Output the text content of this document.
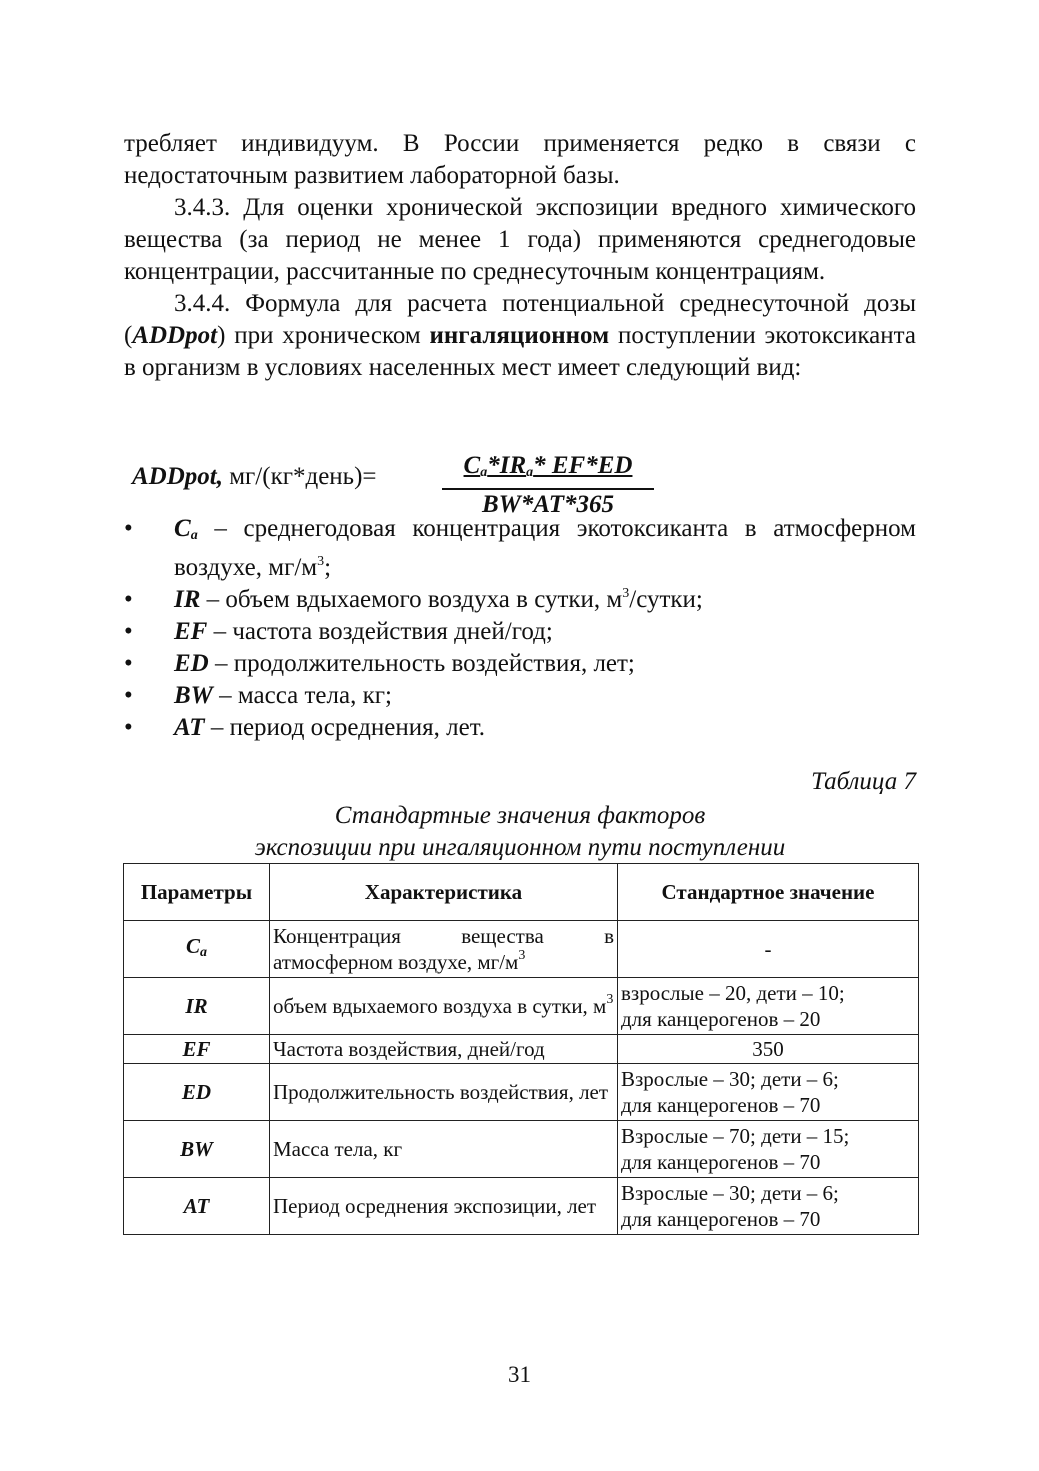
требляет индивидуум. В России применяется редко в связи с недостаточным развитием лабораторной базы.

3.4.3. Для оценки хронической экспозиции вредного химического вещества (за период не менее 1 года) применяются среднегодовые концентрации, рассчитанные по среднесуточным концентрациям.

3.4.4. Формула для расчета потенциальной среднесуточной дозы (ADDpot) при хроническом ингаляционном поступлении экотоксиканта в организм в условиях населенных мест имеет следующий вид:

ADDpot, мг/(кг*день)=	$C_a*IR_a*$ EF*ED
BW*AT*365
• $C_a$ – среднегодовая концентрация экотоксиканта в атмосферном воздухе, $мг/м^3$;
• IR – объем вдыхаемого воздуха в сутки, $м^3$/сутки;
• EF – частота воздействия дней/год;
• ED – продолжительность воздействия, лет;
• BW – масса тела, кг;
• AT – период осреднения, лет.
Таблица 7
Стандартные значения факторов
экспозиции при ингаляционном пути поступлении
Параметры	Характеристика	Стандартное значение
$C_a$	Концентрация вещества в атмосферном воздухе, $мг/м^3$	-
IR	объем вдыхаемого воздуха в сутки, $м^3$	взрослые – 20, дети – 10;
для канцерогенов – 20

EF	Частота воздействия, дней/год	350
ED	Продолжительность воздействия, лет	Взрослые – 30; дети – 6;
для канцерогенов – 70

BW	Масса тела, кг	Взрослые – 70; дети – 15;
для канцерогенов – 70

AT	Период осреднения экспозиции, лет	Взрослые – 30; дети – 6;
для канцерогенов – 70
31
